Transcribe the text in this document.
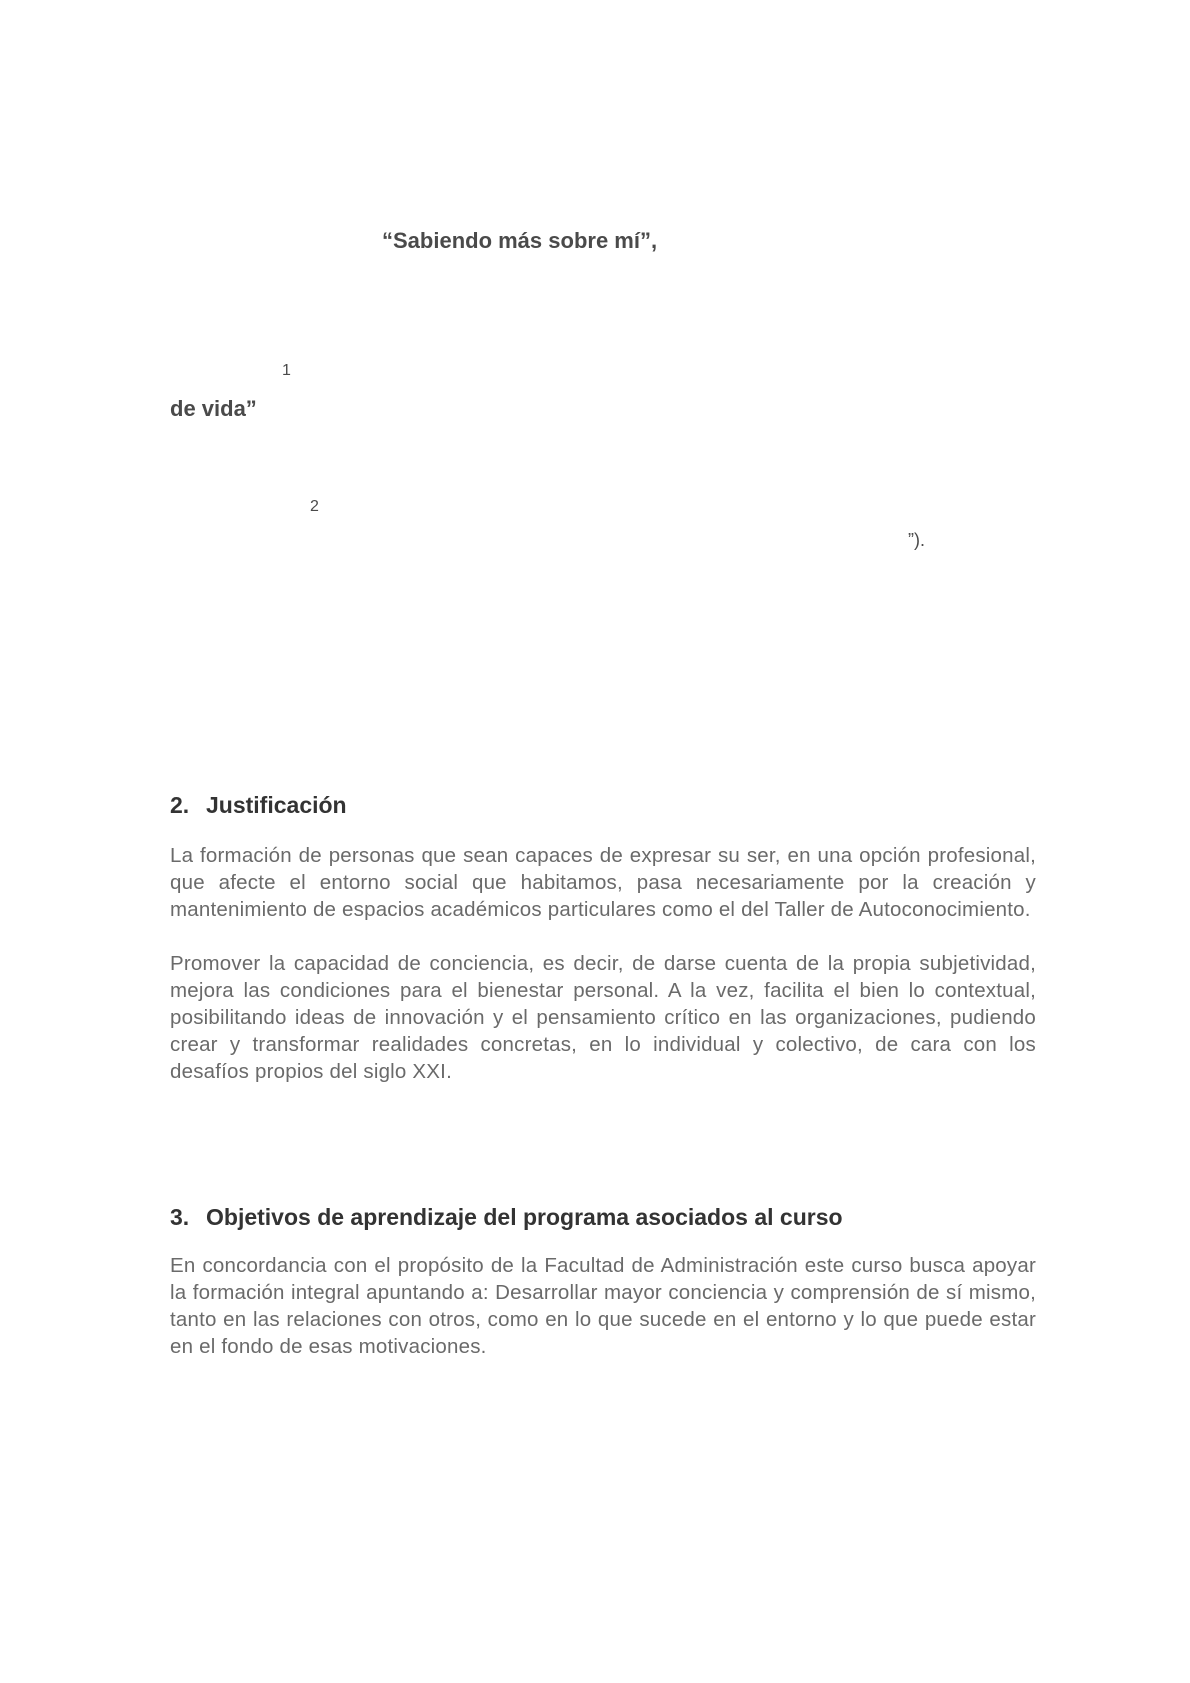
“Sabiendo más sobre mí”,
1
de vida”
2
”).
2. Justificación

La formación de personas que sean capaces de expresar su ser, en una opción profesional, que afecte el entorno social que habitamos, pasa necesariamente por la creación y mantenimiento de espacios académicos particulares como el del Taller de Autoconocimiento.

Promover la capacidad de conciencia, es decir, de darse cuenta de la propia subjetividad, mejora las condiciones para el bienestar personal. A la vez, facilita el bien lo contextual, posibilitando ideas de innovación y el pensamiento crítico en las organizaciones, pudiendo crear y transformar realidades concretas, en lo individual y colectivo, de cara con los desafíos propios del siglo XXI.

3. Objetivos de aprendizaje del programa asociados al curso

En concordancia con el propósito de la Facultad de Administración este curso busca apoyar la formación integral apuntando a: Desarrollar mayor conciencia y comprensión de sí mismo, tanto en las relaciones con otros, como en lo que sucede en el entorno y lo que puede estar en el fondo de esas motivaciones.
